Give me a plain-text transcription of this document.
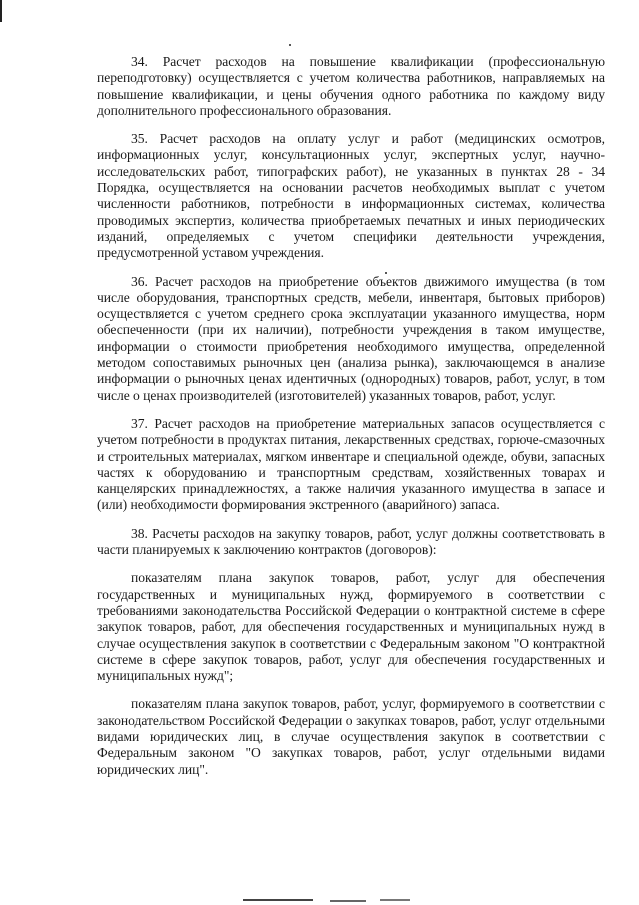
34. Расчет расходов на повышение квалификации (профессиональную переподготовку) осуществляется с учетом количества работников, направляемых на повышение квалификации, и цены обучения одного работника по каждому виду дополнительного профессионального образования.

35. Расчет расходов на оплату услуг и работ (медицинских осмотров, информационных услуг, консультационных услуг, экспертных услуг, научно-исследовательских работ, типографских работ), не указанных в пунктах 28 - 34 Порядка, осуществляется на основании расчетов необходимых выплат с учетом численности работников, потребности в информационных системах, количества проводимых экспертиз, количества приобретаемых печатных и иных периодических изданий, определяемых с учетом специфики деятельности учреждения, предусмотренной уставом учреждения.

36. Расчет расходов на приобретение объектов движимого имущества (в том числе оборудования, транспортных средств, мебели, инвентаря, бытовых приборов) осуществляется с учетом среднего срока эксплуатации указанного имущества, норм обеспеченности (при их наличии), потребности учреждения в таком имуществе, информации о стоимости приобретения необходимого имущества, определенной методом сопоставимых рыночных цен (анализа рынка), заключающемся в анализе информации о рыночных ценах идентичных (однородных) товаров, работ, услуг, в том числе о ценах производителей (изготовителей) указанных товаров, работ, услуг.

37. Расчет расходов на приобретение материальных запасов осуществляется с учетом потребности в продуктах питания, лекарственных средствах, горюче-смазочных и строительных материалах, мягком инвентаре и специальной одежде, обуви, запасных частях к оборудованию и транспортным средствам, хозяйственных товарах и канцелярских принадлежностях, а также наличия указанного имущества в запасе и (или) необходимости формирования экстренного (аварийного) запаса.

38. Расчеты расходов на закупку товаров, работ, услуг должны соответствовать в части планируемых к заключению контрактов (договоров):

показателям плана закупок товаров, работ, услуг для обеспечения государственных и муниципальных нужд, формируемого в соответствии с требованиями законодательства Российской Федерации о контрактной системе в сфере закупок товаров, работ, для обеспечения государственных и муниципальных нужд в случае осуществления закупок в соответствии с Федеральным законом "О контрактной системе в сфере закупок товаров, работ, услуг для обеспечения государственных и муниципальных нужд";

показателям плана закупок товаров, работ, услуг, формируемого в соответствии с законодательством Российской Федерации о закупках товаров, работ, услуг отдельными видами юридических лиц, в случае осуществления закупок в соответствии с Федеральным законом "О закупках товаров, работ, услуг отдельными видами юридических лиц".
